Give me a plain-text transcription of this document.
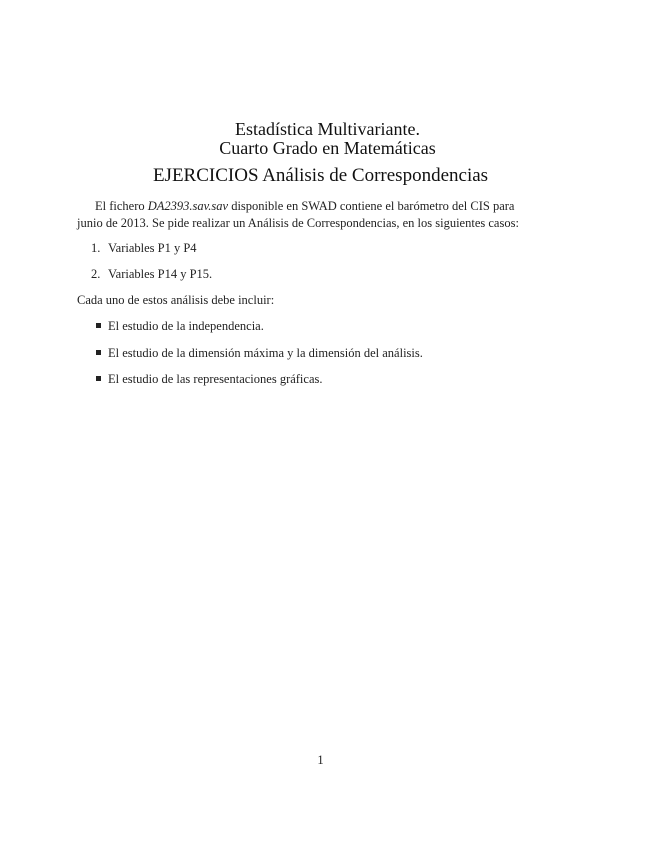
Estadística Multivariante.
Cuarto Grado en Matemáticas
EJERCICIOS Análisis de Correspondencias
El fichero DA2393.sav.sav disponible en SWAD contiene el barómetro del CIS para
junio de 2013. Se pide realizar un Análisis de Correspondencias, en los siguientes casos:
1. Variables P1 y P4
2. Variables P14 y P15.
Cada uno de estos análisis debe incluir:
El estudio de la independencia.
El estudio de la dimensión máxima y la dimensión del análisis.
El estudio de las representaciones gráficas.
1
